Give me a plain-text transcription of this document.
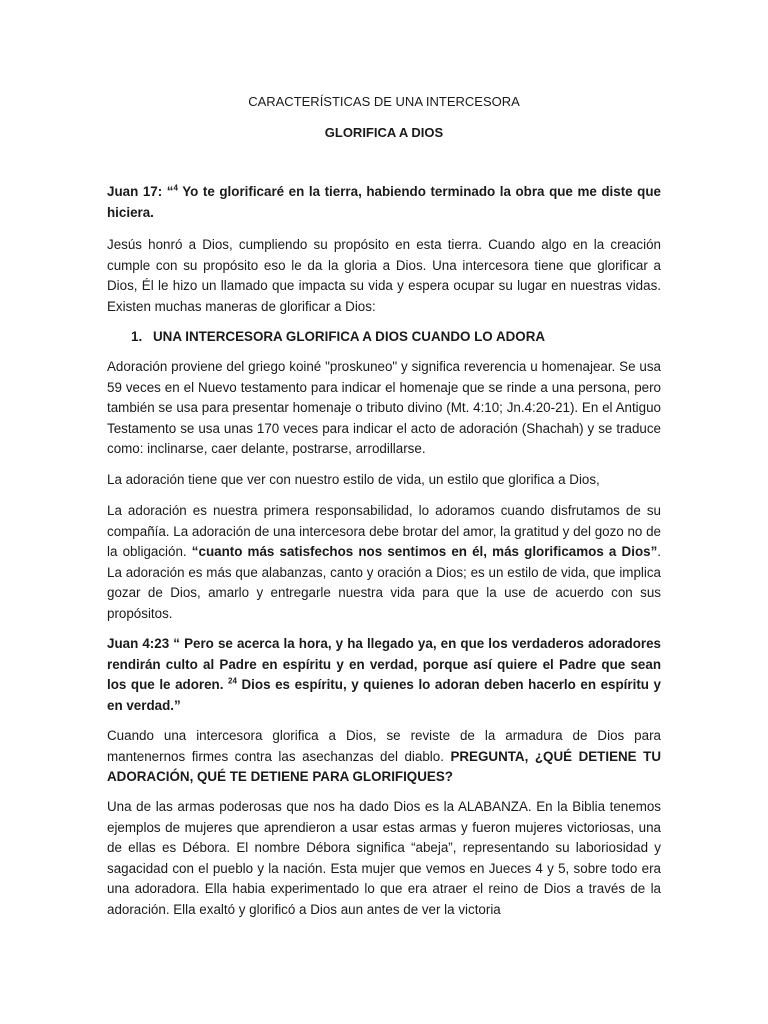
CARACTERÍSTICAS DE UNA INTERCESORA

GLORIFICA A DIOS

Juan 17: “$^4$ Yo te glorificaré en la tierra, habiendo terminado la obra que me diste que hiciera.

Jesús honró a Dios, cumpliendo su propósito en esta tierra. Cuando algo en la creación cumple con su propósito eso le da la gloria a Dios. Una intercesora tiene que glorificar a Dios, Él le hizo un llamado que impacta su vida y espera ocupar su lugar en nuestras vidas. Existen muchas maneras de glorificar a Dios:

1. UNA INTERCESORA GLORIFICA A DIOS CUANDO LO ADORA

Adoración proviene del griego koiné "proskuneo" y significa reverencia u homenajear. Se usa 59 veces en el Nuevo testamento para indicar el homenaje que se rinde a una persona, pero también se usa para presentar homenaje o tributo divino (Mt. 4:10; Jn.4:20-21). En el Antiguo Testamento se usa unas 170 veces para indicar el acto de adoración (Shachah) y se traduce como: inclinarse, caer delante, postrarse, arrodillarse.

La adoración tiene que ver con nuestro estilo de vida, un estilo que glorifica a Dios,

La adoración es nuestra primera responsabilidad, lo adoramos cuando disfrutamos de su compañía. La adoración de una intercesora debe brotar del amor, la gratitud y del gozo no de la obligación. “cuanto más satisfechos nos sentimos en él, más glorificamos a Dios”. La adoración es más que alabanzas, canto y oración a Dios; es un estilo de vida, que implica gozar de Dios, amarlo y entregarle nuestra vida para que la use de acuerdo con sus propósitos.

Juan 4:23 “ Pero se acerca la hora, y ha llegado ya, en que los verdaderos adoradores rendirán culto al Padre en espíritu y en verdad, porque así quiere el Padre que sean los que le adoren. $^{24}$ Dios es espíritu, y quienes lo adoran deben hacerlo en espíritu y en verdad.”

Cuando una intercesora glorifica a Dios, se reviste de la armadura de Dios para mantenernos firmes contra las asechanzas del diablo. PREGUNTA, ¿QUÉ DETIENE TU ADORACIÓN, QUÉ TE DETIENE PARA GLORIFIQUES?

Una de las armas poderosas que nos ha dado Dios es la ALABANZA. En la Biblia tenemos ejemplos de mujeres que aprendieron a usar estas armas y fueron mujeres victoriosas, una de ellas es Débora. El nombre Débora significa “abeja”, representando su laboriosidad y sagacidad con el pueblo y la nación. Esta mujer que vemos en Jueces 4 y 5, sobre todo era una adoradora. Ella habia experimentado lo que era atraer el reino de Dios a través de la adoración. Ella exaltó y glorificó a Dios aun antes de ver la victoria
